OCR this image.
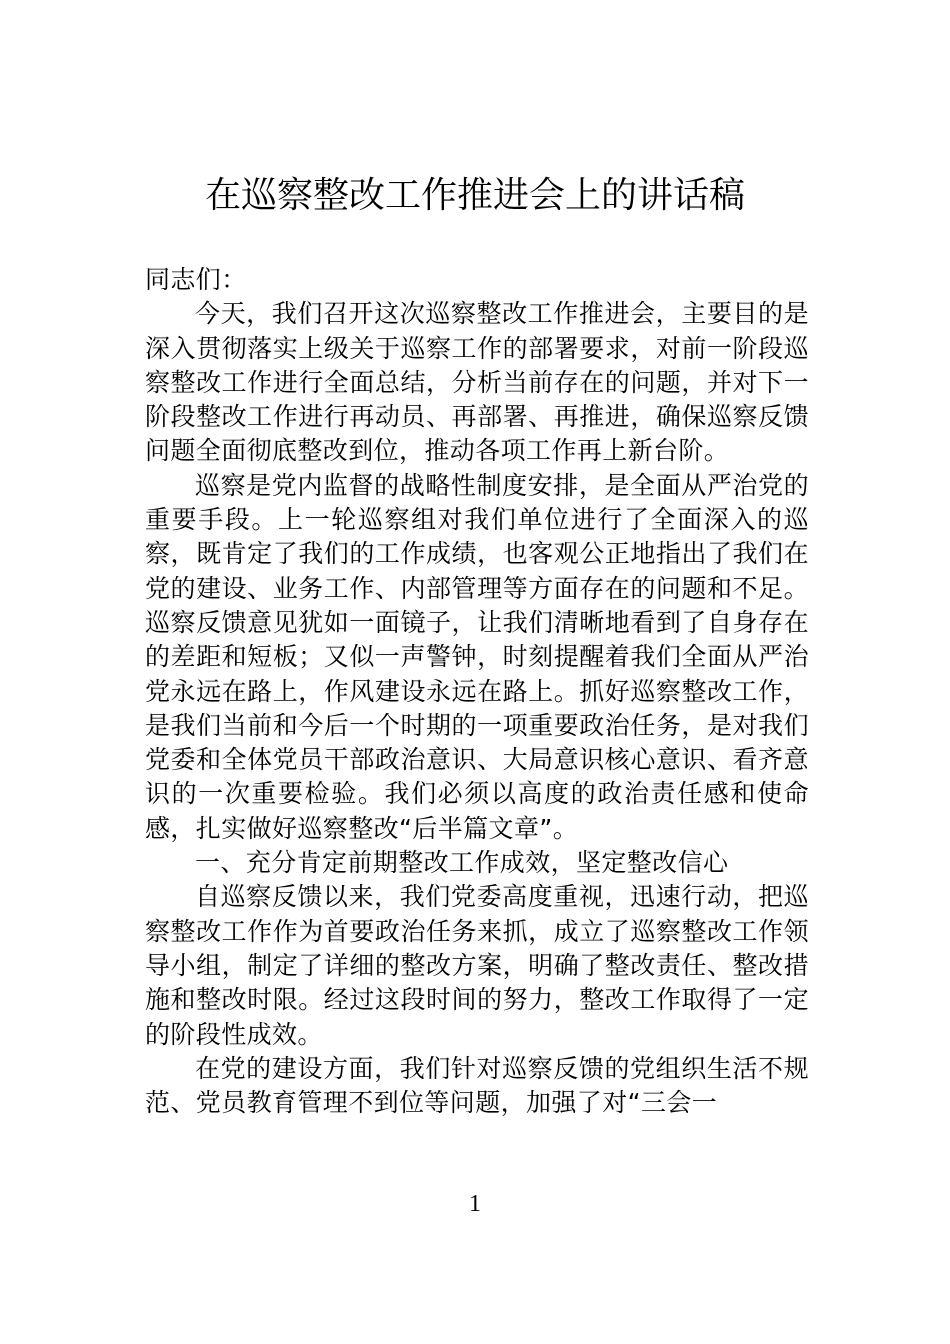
在巡察整改工作推进会上的讲话稿

同志们：

今天，我们召开这次巡察整改工作推进会，主要目的是深入贯彻落实上级关于巡察工作的部署要求，对前一阶段巡察整改工作进行全面总结，分析当前存在的问题，并对下一阶段整改工作进行再动员、再部署、再推进，确保巡察反馈问题全面彻底整改到位，推动各项工作再上新台阶。

巡察是党内监督的战略性制度安排，是全面从严治党的重要手段。上一轮巡察组对我们单位进行了全面深入的巡察，既肯定了我们的工作成绩，也客观公正地指出了我们在党的建设、业务工作、内部管理等方面存在的问题和不足。巡察反馈意见犹如一面镜子，让我们清晰地看到了自身存在的差距和短板；又似一声警钟，时刻提醒着我们全面从严治党永远在路上，作风建设永远在路上。抓好巡察整改工作，是我们当前和今后一个时期的一项重要政治任务，是对我们党委和全体党员干部政治意识、大局意识核心意识、看齐意识的一次重要检验。我们必须以高度的政治责任感和使命感，扎实做好巡察整改“后半篇文章”。

一、充分肯定前期整改工作成效，坚定整改信心

自巡察反馈以来，我们党委高度重视，迅速行动，把巡察整改工作作为首要政治任务来抓，成立了巡察整改工作领导小组，制定了详细的整改方案，明确了整改责任、整改措施和整改时限。经过这段时间的努力，整改工作取得了一定的阶段性成效。

在党的建设方面，我们针对巡察反馈的党组织生活不规范、党员教育管理不到位等问题，加强了对“三会一

1
